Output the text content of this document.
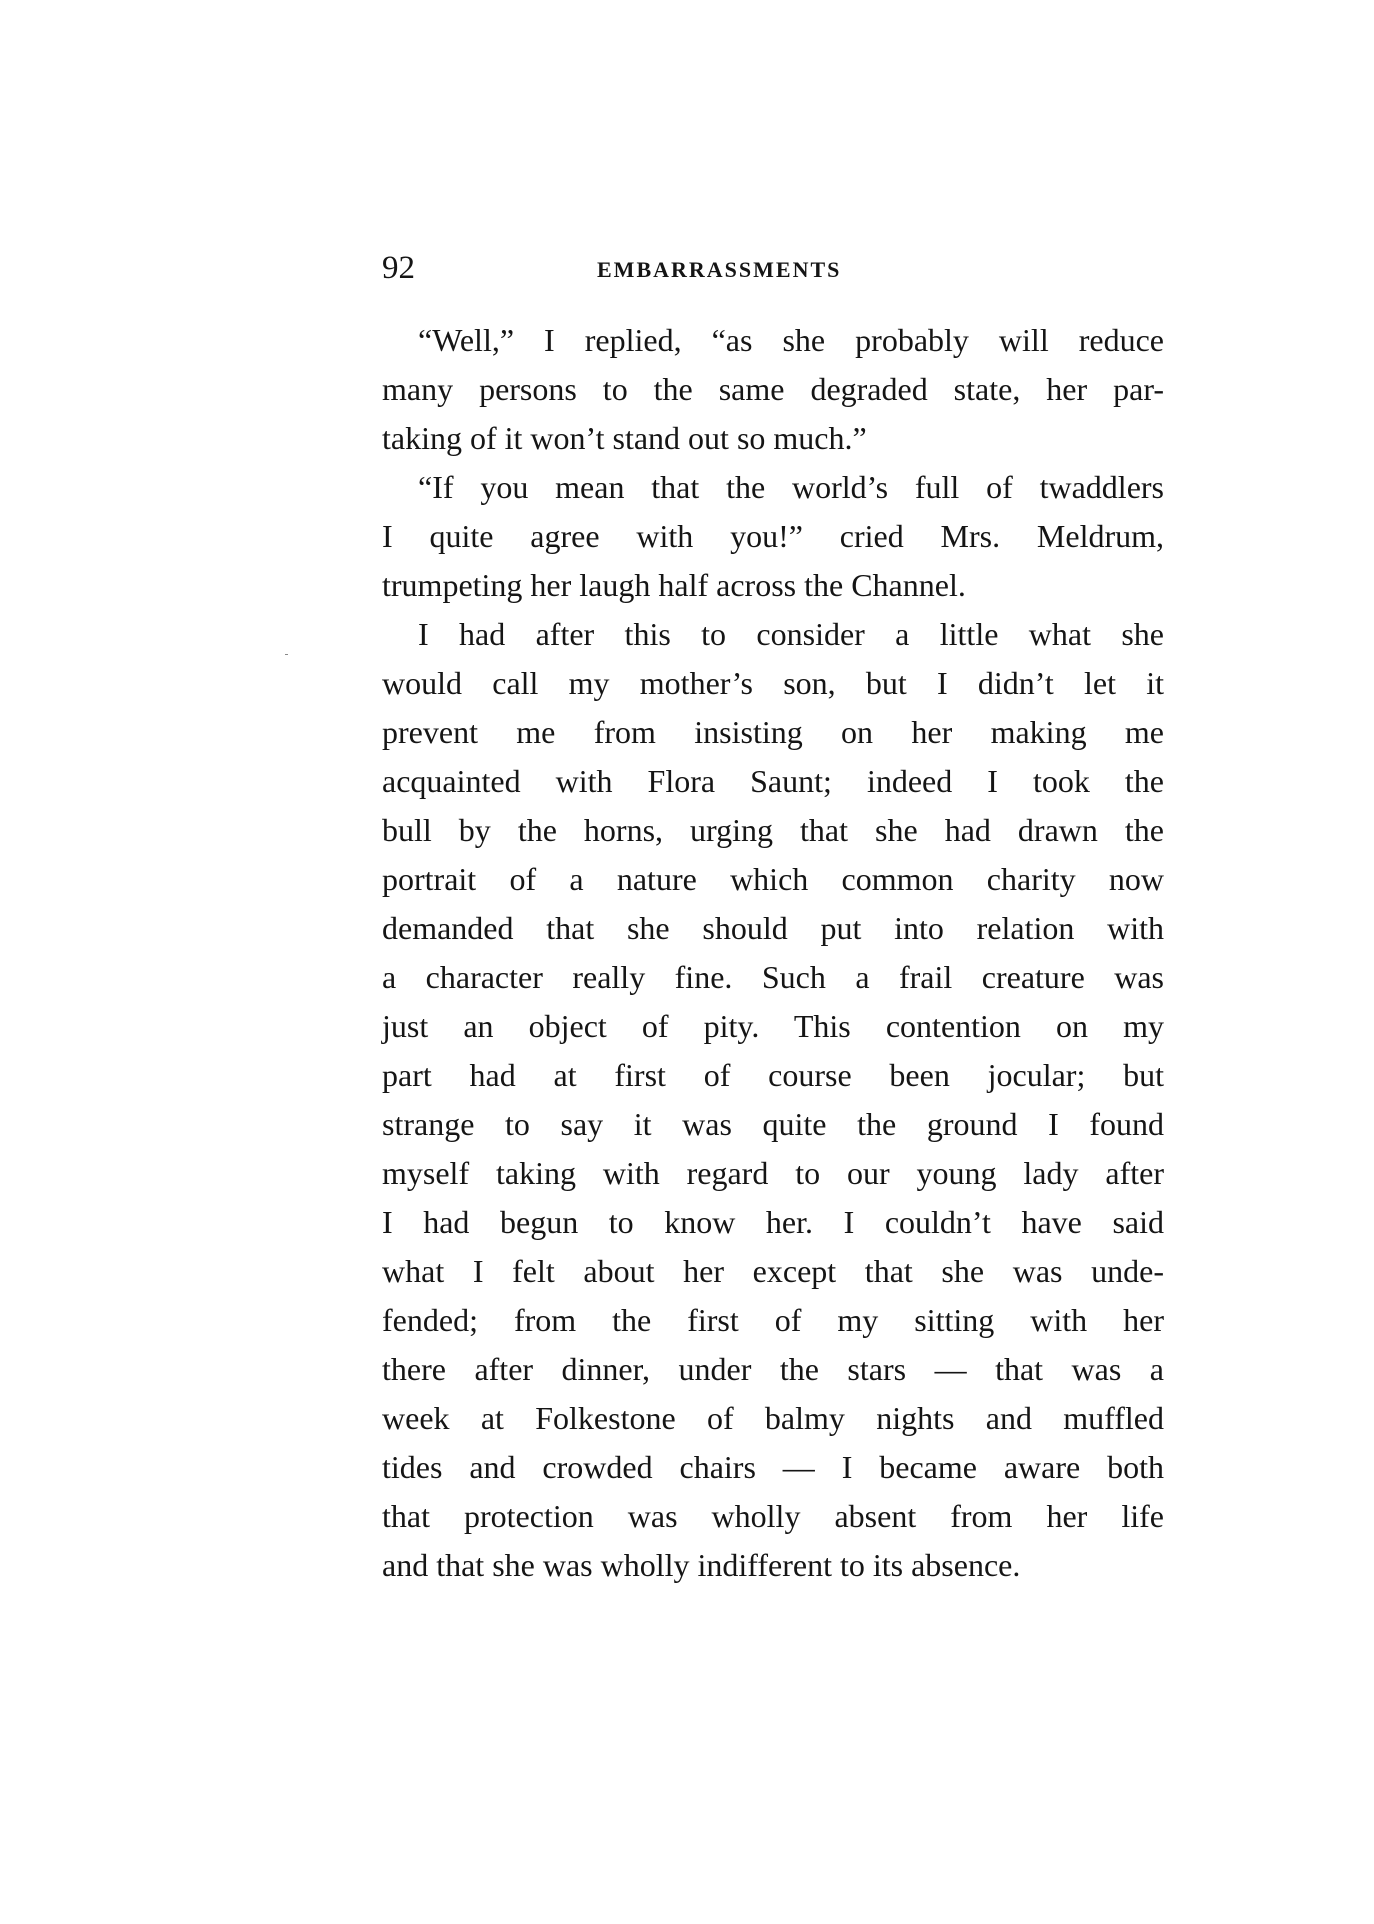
92	EMBARRASSMENTS
“Well,” I replied, “as she probably will reduce
many persons to the same degraded state, her par-
taking of it won’t stand out so much.”
“If you mean that the world’s full of twaddlers
I quite agree with you!” cried Mrs. Meldrum,
trumpeting her laugh half across the Channel.
I had after this to consider a little what she
would call my mother’s son, but I didn’t let it
prevent me from insisting on her making me
acquainted with Flora Saunt; indeed I took the
bull by the horns, urging that she had drawn the
portrait of a nature which common charity now
demanded that she should put into relation with
a character really fine. Such a frail creature was
just an object of pity. This contention on my
part had at first of course been jocular; but
strange to say it was quite the ground I found
myself taking with regard to our young lady after
I had begun to know her. I couldn’t have said
what I felt about her except that she was unde-
fended; from the first of my sitting with her
there after dinner, under the stars — that was a
week at Folkestone of balmy nights and muffled
tides and crowded chairs — I became aware both
that protection was wholly absent from her life
and that she was wholly indifferent to its absence.
